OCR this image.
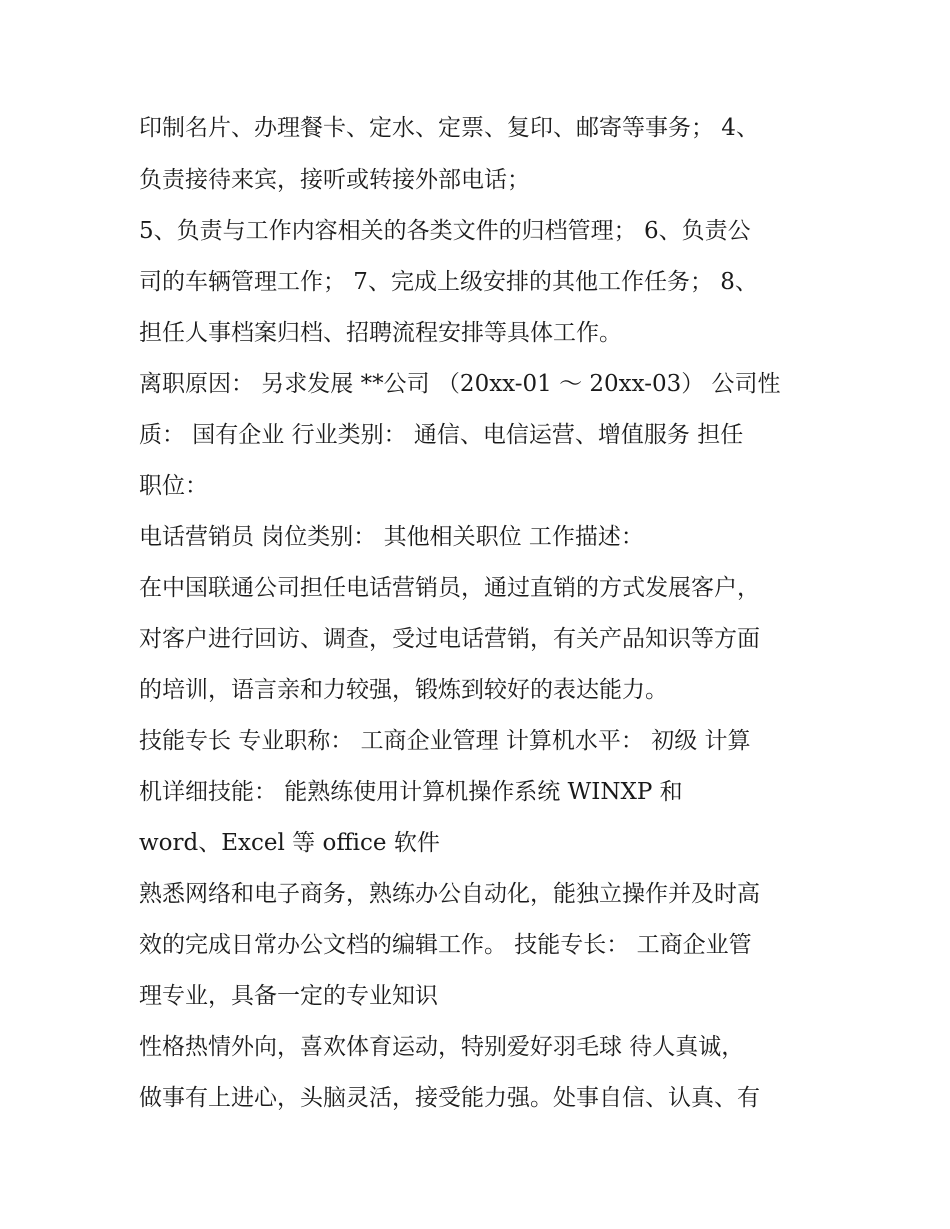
印制名片、办理餐卡、定水、定票、复印、邮寄等事务； 4、
负责接待来宾，接听或转接外部电话；
5、负责与工作内容相关的各类文件的归档管理； 6、负责公
司的车辆管理工作； 7、完成上级安排的其他工作任务； 8、
担任人事档案归档、招聘流程安排等具体工作。
离职原因： 另求发展 **公司 （20xx-01 ～ 20xx-03） 公司性
质： 国有企业 行业类别： 通信、电信运营、增值服务 担任
职位：
电话营销员 岗位类别： 其他相关职位 工作描述：
在中国联通公司担任电话营销员，通过直销的方式发展客户，
对客户进行回访、调查，受过电话营销，有关产品知识等方面
的培训，语言亲和力较强，锻炼到较好的表达能力。
技能专长 专业职称： 工商企业管理 计算机水平： 初级 计算
机详细技能： 能熟练使用计算机操作系统 WINXP 和
word、Excel 等 office 软件
熟悉网络和电子商务，熟练办公自动化，能独立操作并及时高
效的完成日常办公文档的编辑工作。 技能专长： 工商企业管
理专业，具备一定的专业知识
性格热情外向，喜欢体育运动，特别爱好羽毛球 待人真诚，
做事有上进心，头脑灵活，接受能力强。处事自信、认真、有
